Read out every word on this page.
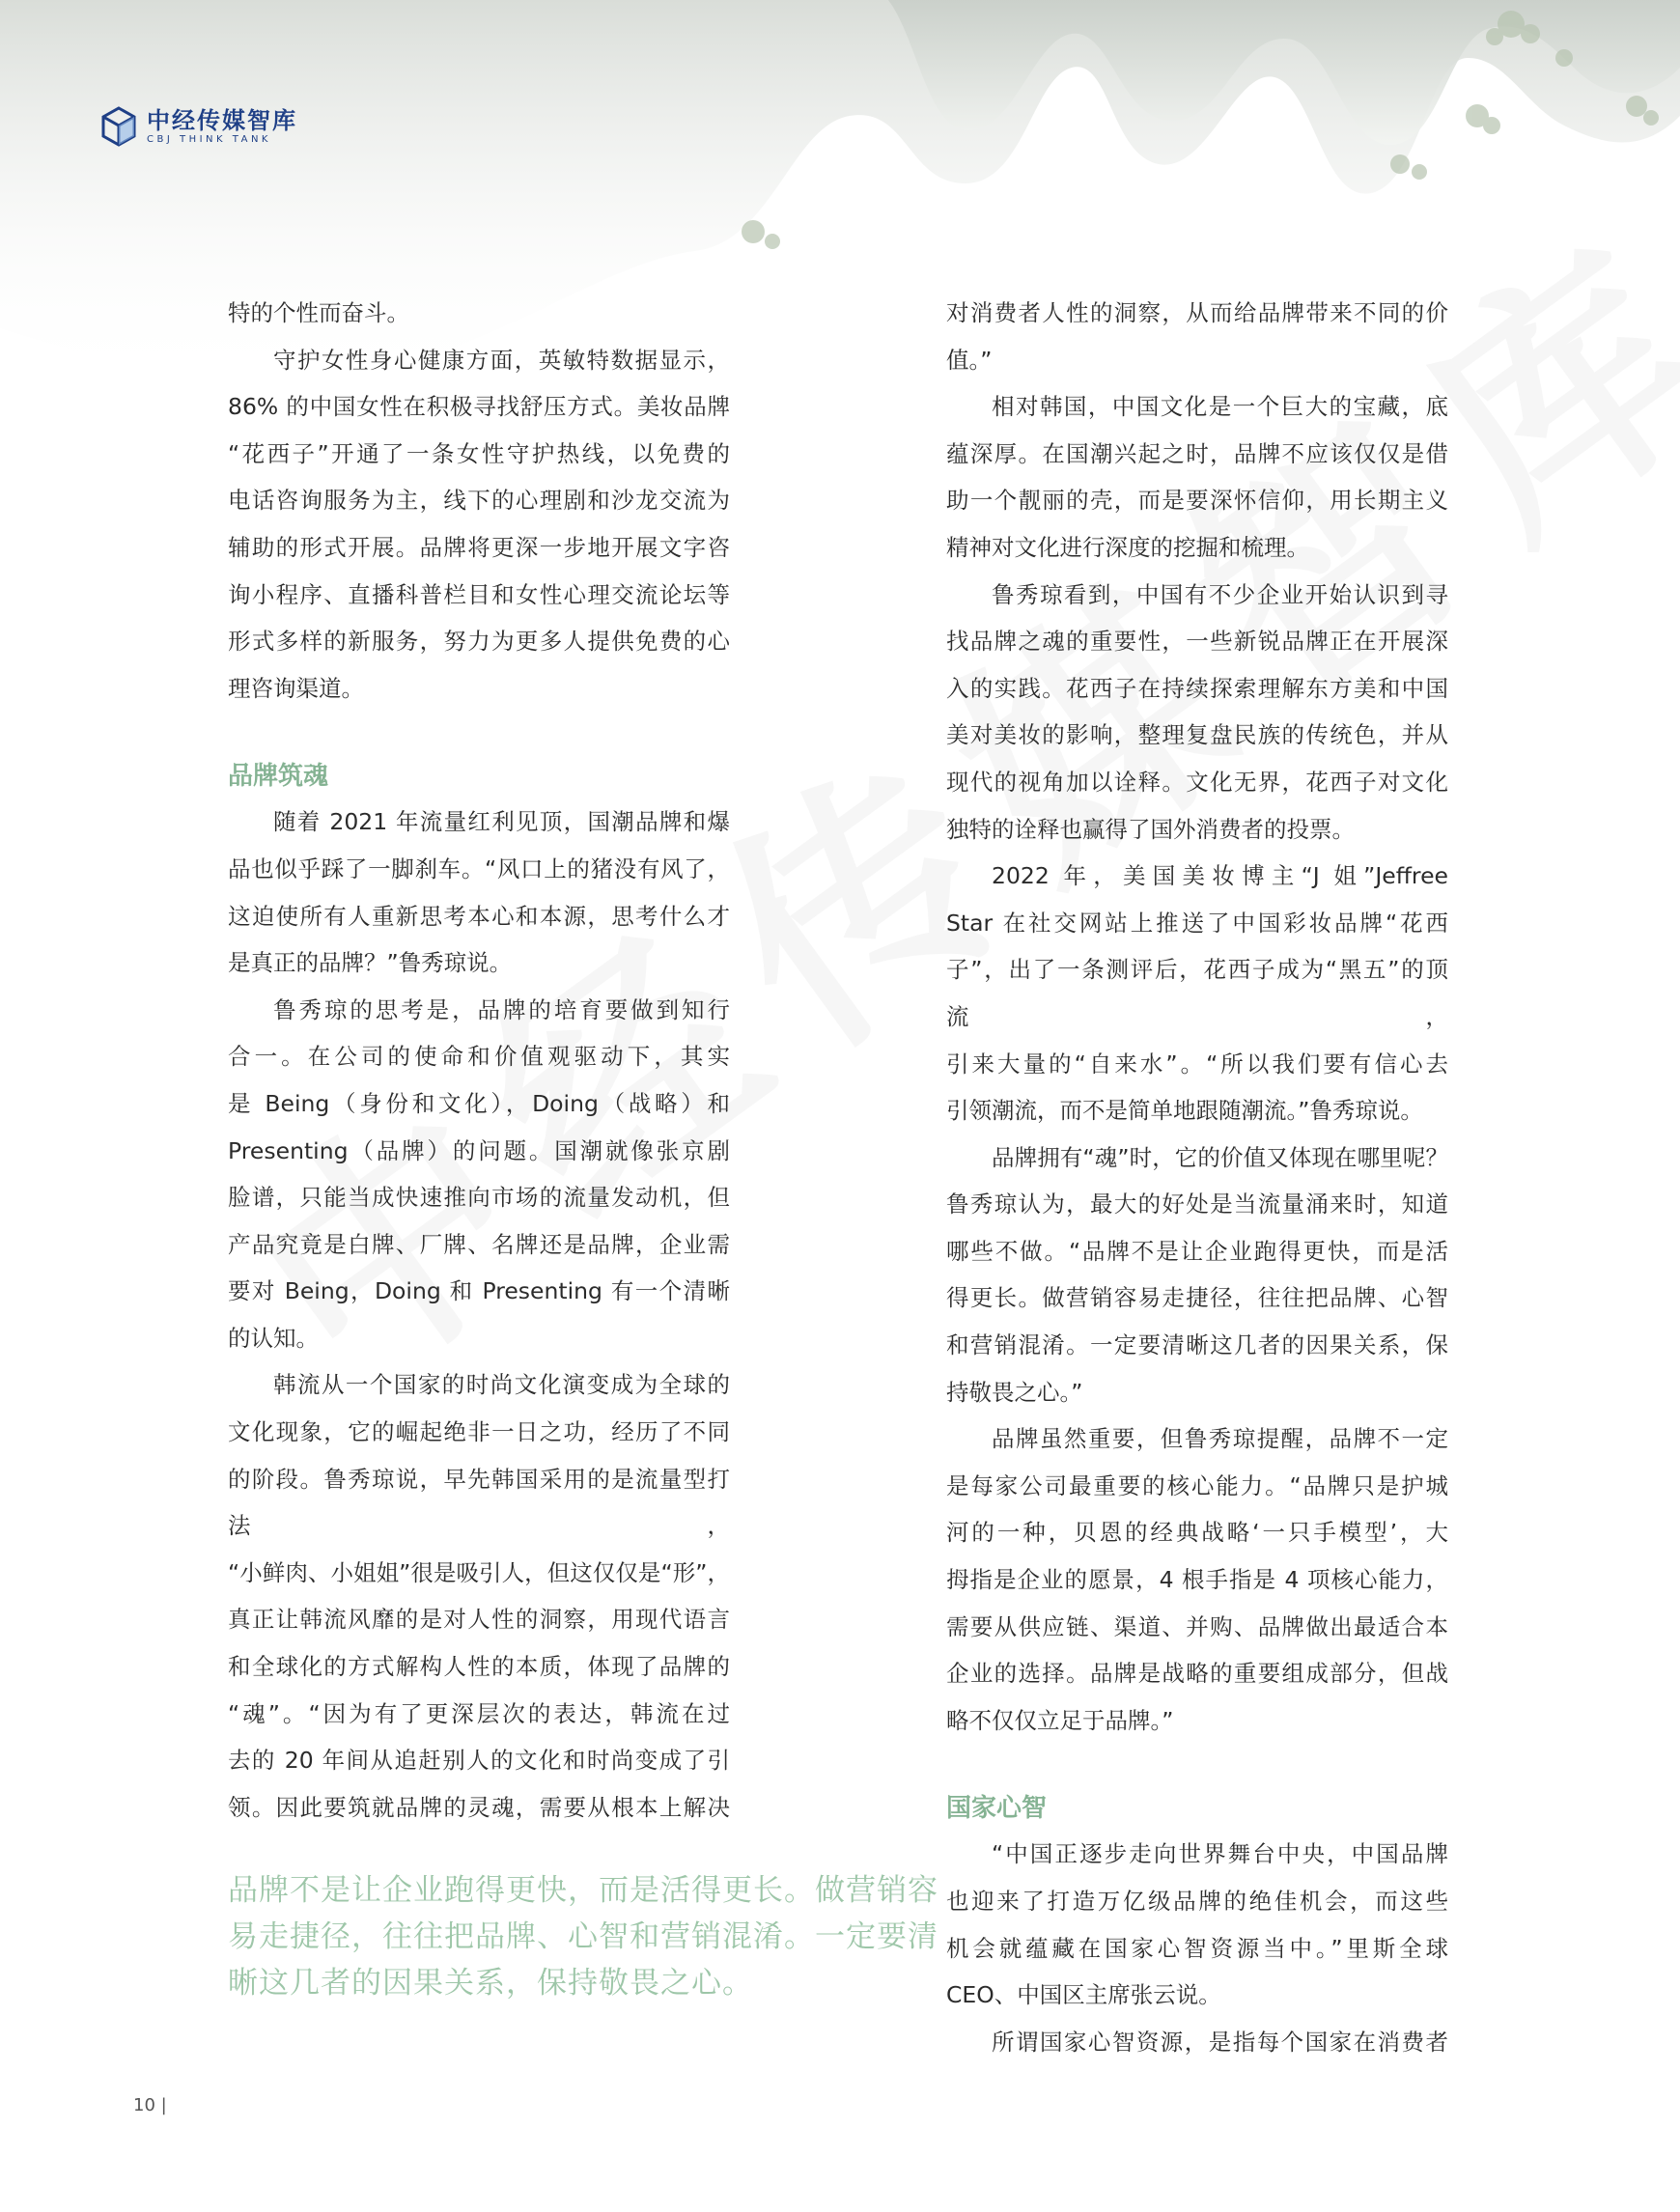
中经传媒智库
CBJ THINK TANK

特的个性而奋斗。

守护女性身心健康方面，英敏特数据显示，
86% 的中国女性在积极寻找舒压方式。美妆品牌
“花西子”开通了一条女性守护热线，以免费的
电话咨询服务为主，线下的心理剧和沙龙交流为
辅助的形式开展。品牌将更深一步地开展文字咨
询小程序、直播科普栏目和女性心理交流论坛等
形式多样的新服务，努力为更多人提供免费的心
理咨询渠道。

品牌筑魂

随着 2021 年流量红利见顶，国潮品牌和爆
品也似乎踩了一脚刹车。“风口上的猪没有风了，
这迫使所有人重新思考本心和本源，思考什么才
是真正的品牌？”鲁秀琼说。

鲁秀琼的思考是，品牌的培育要做到知行
合一。在公司的使命和价值观驱动下，其实
是 Being（身份和文化），Doing（战略）和
Presenting（品牌）的问题。国潮就像张京剧
脸谱，只能当成快速推向市场的流量发动机，但
产品究竟是白牌、厂牌、名牌还是品牌，企业需
要对 Being，Doing 和 Presenting 有一个清晰
的认知。

韩流从一个国家的时尚文化演变成为全球的
文化现象，它的崛起绝非一日之功，经历了不同
的阶段。鲁秀琼说，早先韩国采用的是流量型打法，
“小鲜肉、小姐姐”很是吸引人，但这仅仅是“形”，
真正让韩流风靡的是对人性的洞察，用现代语言
和全球化的方式解构人性的本质，体现了品牌的
“魂”。“因为有了更深层次的表达，韩流在过
去的 20 年间从追赶别人的文化和时尚变成了引
领。因此要筑就品牌的灵魂，需要从根本上解决

品牌不是让企业跑得更快，而是活得更长。做营销容
易走捷径，往往把品牌、心智和营销混淆。一定要清
晰这几者的因果关系，保持敬畏之心。

对消费者人性的洞察，从而给品牌带来不同的价
值。”

相对韩国，中国文化是一个巨大的宝藏，底
蕴深厚。在国潮兴起之时，品牌不应该仅仅是借
助一个靓丽的壳，而是要深怀信仰，用长期主义
精神对文化进行深度的挖掘和梳理。

鲁秀琼看到，中国有不少企业开始认识到寻
找品牌之魂的重要性，一些新锐品牌正在开展深
入的实践。花西子在持续探索理解东方美和中国
美对美妆的影响，整理复盘民族的传统色，并从
现代的视角加以诠释。文化无界，花西子对文化
独特的诠释也赢得了国外消费者的投票。

2022 年，美国美妆博主“J 姐”Jeffree
Star 在社交网站上推送了中国彩妆品牌“花西
子”，出了一条测评后，花西子成为“黑五”的顶流，
引来大量的“自来水”。“所以我们要有信心去
引领潮流，而不是简单地跟随潮流。”鲁秀琼说。

品牌拥有“魂”时，它的价值又体现在哪里呢？
鲁秀琼认为，最大的好处是当流量涌来时，知道
哪些不做。“品牌不是让企业跑得更快，而是活
得更长。做营销容易走捷径，往往把品牌、心智
和营销混淆。一定要清晰这几者的因果关系，保
持敬畏之心。”

品牌虽然重要，但鲁秀琼提醒，品牌不一定
是每家公司最重要的核心能力。“品牌只是护城
河的一种，贝恩的经典战略‘一只手模型’，大
拇指是企业的愿景，4 根手指是 4 项核心能力，
需要从供应链、渠道、并购、品牌做出最适合本
企业的选择。品牌是战略的重要组成部分，但战
略不仅仅立足于品牌。”

国家心智

“中国正逐步走向世界舞台中央，中国品牌
也迎来了打造万亿级品牌的绝佳机会，而这些
机会就蕴藏在国家心智资源当中。”里斯全球
CEO、中国区主席张云说。

所谓国家心智资源，是指每个国家在消费者

10 |
